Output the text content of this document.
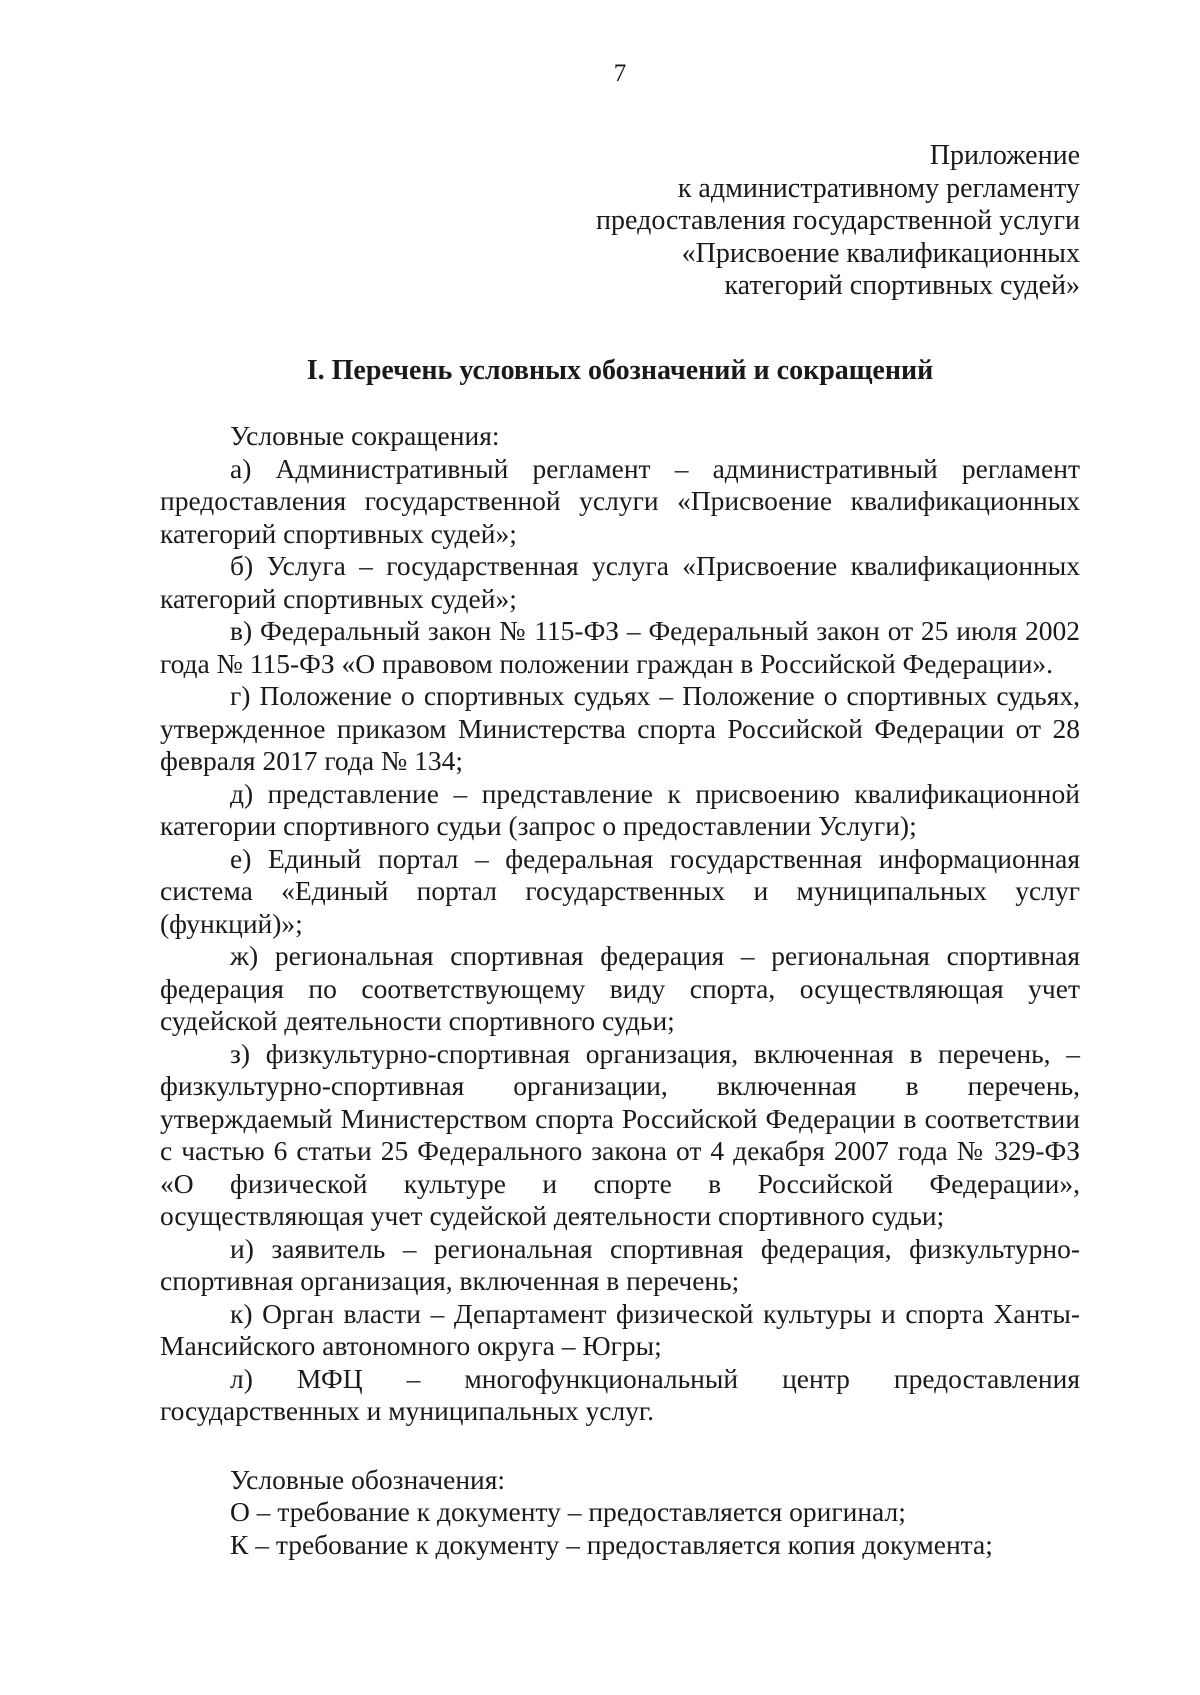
7
Приложение
к административному регламенту
предоставления государственной услуги
«Присвоение квалификационных
категорий спортивных судей»
I. Перечень условных обозначений и сокращений

Условные сокращения:

а) Административный регламент – административный регламент предоставления государственной услуги «Присвоение квалификационных категорий спортивных судей»;

б) Услуга – государственная услуга «Присвоение квалификационных категорий спортивных судей»;

в) Федеральный закон № 115-ФЗ – Федеральный закон от 25 июля 2002 года № 115-ФЗ «О правовом положении граждан в Российской Федерации».

г) Положение о спортивных судьях – Положение о спортивных судьях, утвержденное приказом Министерства спорта Российской Федерации от 28 февраля 2017 года № 134;

д) представление – представление к присвоению квалификационной категории спортивного судьи (запрос о предоставлении Услуги);

е) Единый портал – федеральная государственная информационная система «Единый портал государственных и муниципальных услуг (функций)»;

ж) региональная спортивная федерация – региональная спортивная федерация по соответствующему виду спорта, осуществляющая учет судейской деятельности спортивного судьи;

з) физкультурно-спортивная организация, включенная в перечень, – физкультурно-спортивная организации, включенная в перечень, утверждаемый Министерством спорта Российской Федерации в соответствии с частью 6 статьи 25 Федерального закона от 4 декабря 2007 года № 329-ФЗ «О физической культуре и спорте в Российской Федерации», осуществляющая учет судейской деятельности спортивного судьи;

и) заявитель – региональная спортивная федерация, физкультурно-спортивная организация, включенная в перечень;

к) Орган власти – Департамент физической культуры и спорта Ханты-Мансийского автономного округа – Югры;

л) МФЦ – многофункциональный центр предоставления государственных и муниципальных услуг.

Условные обозначения:

О – требование к документу – предоставляется оригинал;

К – требование к документу – предоставляется копия документа;
